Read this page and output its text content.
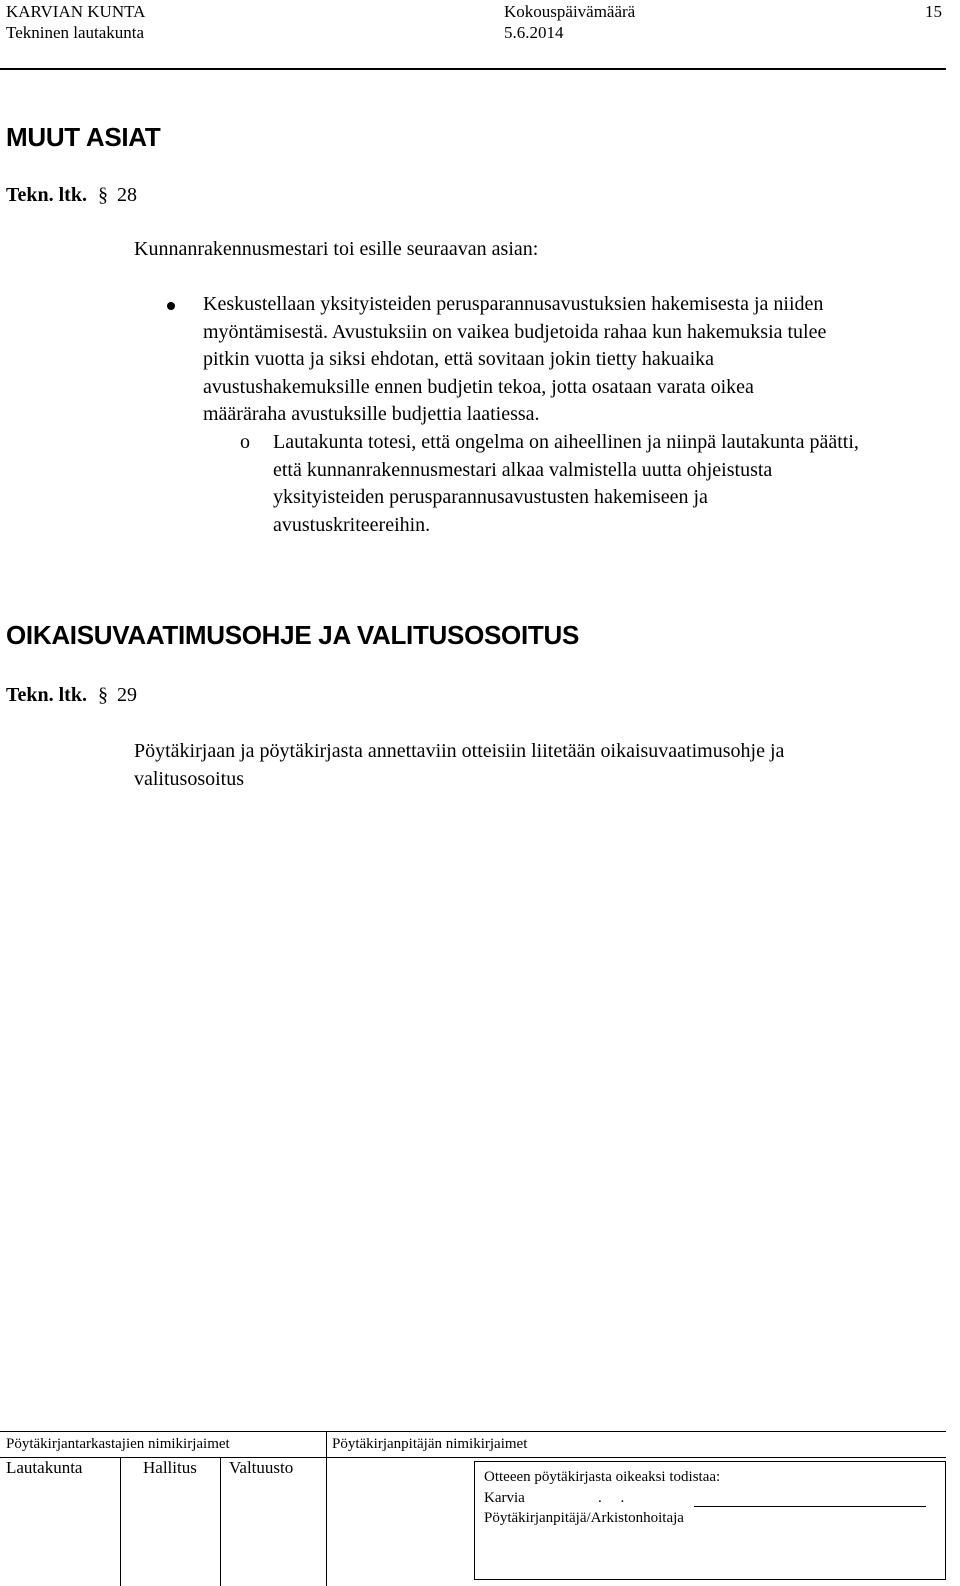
KARVIAN KUNTA
Tekninen lautakunta
Kokouspäivämäärä
5.6.2014
15
MUUT ASIAT
Tekn. ltk. § 28
Kunnanrakennusmestari toi esille seuraavan asian:
Keskustellaan yksityisteiden perusparannusavustuksien hakemisesta ja niiden
myöntämisestä. Avustuksiin on vaikea budjetoida rahaa kun hakemuksia tulee
pitkin vuotta ja siksi ehdotan, että sovitaan jokin tietty hakuaika
avustushakemuksille ennen budjetin tekoa, jotta osataan varata oikea
määräraha avustuksille budjettia laatiessa.
o Lautakunta totesi, että ongelma on aiheellinen ja niinpä lautakunta päätti,
että kunnanrakennusmestari alkaa valmistella uutta ohjeistusta
yksityisteiden perusparannusavustusten hakemiseen ja
avustuskriteereihin.
OIKAISUVAATIMUSOHJE JA VALITUSOSOITUS
Tekn. ltk. § 29
Pöytäkirjaan ja pöytäkirjasta annettaviin otteisiin liitetään oikaisuvaatimusohje ja
valitusosoitus
Pöytäkirjantarkastajien nimikirjaimet	Pöytäkirjanpitäjän nimikirjaimet
Lautakunta	Hallitus Valtuusto	Otteeen pöytäkirjasta oikeaksi todistaa:
Karvia	.     .
Pöytäkirjanpitäjä/Arkistonhoitaja
